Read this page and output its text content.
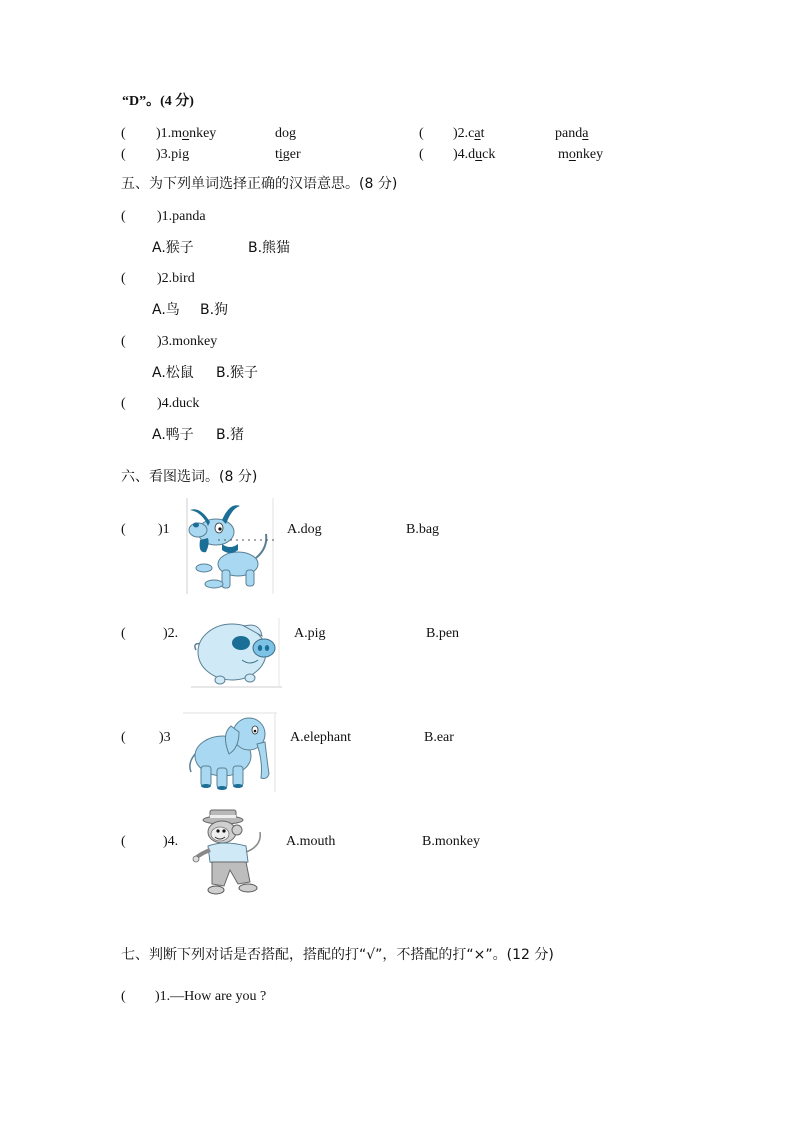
“D”。(4 分)
( )1.monkey	dog	( )2.cat	panda
( )3.pig	tiger	( )4.duck	monkey
五、为下列单词选择正确的汉语意思。(8 分)
( )1.panda
A.猴子	B.熊猫
( )2.bird
A.鸟 B.狗
( )3.monkey
A.松鼠 B.猴子
( )4.duck
A.鸭子 B.猪
六、看图选词。(8 分)
( )1	A.dog	B.bag
(	)2.	A.pig	B.pen
( )3	A.elephant	B.ear
(	)4.	A.mouth	B.monkey
七、判断下列对话是否搭配，搭配的打“√”，不搭配的打“×”。(12 分)
( )1.—How are you ?
